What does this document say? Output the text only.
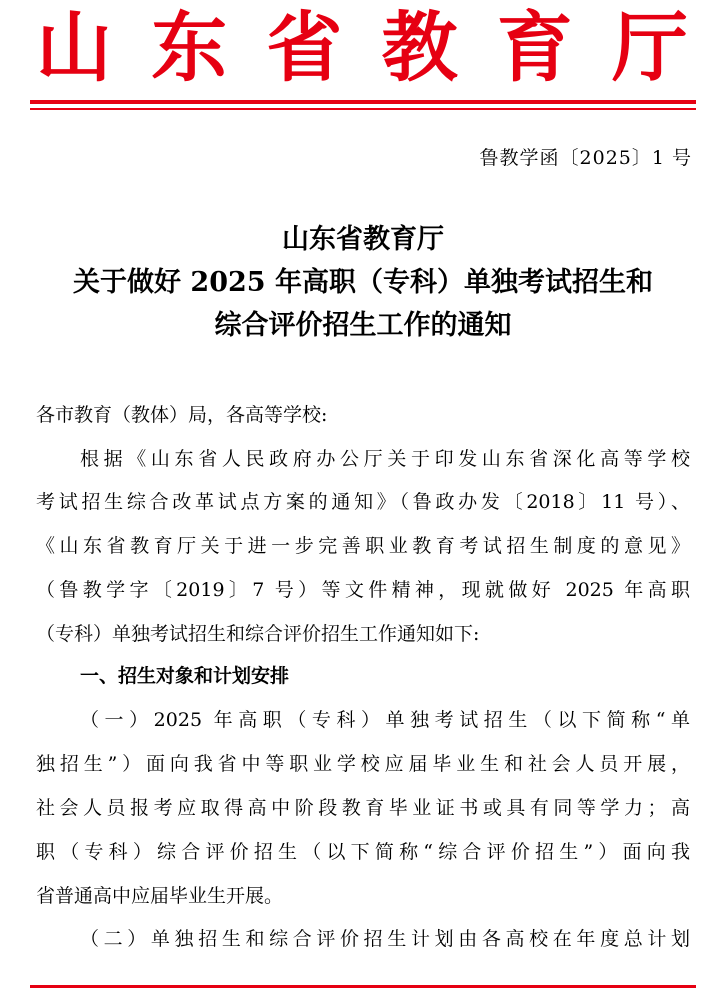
山 东 省 教 育 厅
鲁教学函〔2025〕1 号
山东省教育厅
关于做好 2025 年高职（专科）单独考试招生和
综合评价招生工作的通知
各市教育（教体）局，各高等学校:
根据《山东省人民政府办公厅关于印发山东省深化高等学校
考试招生综合改革试点方案的通知》（鲁政办发〔2018〕11 号）、
《山东省教育厅关于进一步完善职业教育考试招生制度的意见》
（鲁教学字〔2019〕7 号）等文件精神，现就做好 2025 年高职
（专科）单独考试招生和综合评价招生工作通知如下:
一、招生对象和计划安排
（一）2025 年高职（专科）单独考试招生（以下简称“单
独招生”）面向我省中等职业学校应届毕业生和社会人员开展，
社会人员报考应取得高中阶段教育毕业证书或具有同等学力；高
职（专科）综合评价招生（以下简称“综合评价招生”）面向我
省普通高中应届毕业生开展。
（二）单独招生和综合评价招生计划由各高校在年度总计划
